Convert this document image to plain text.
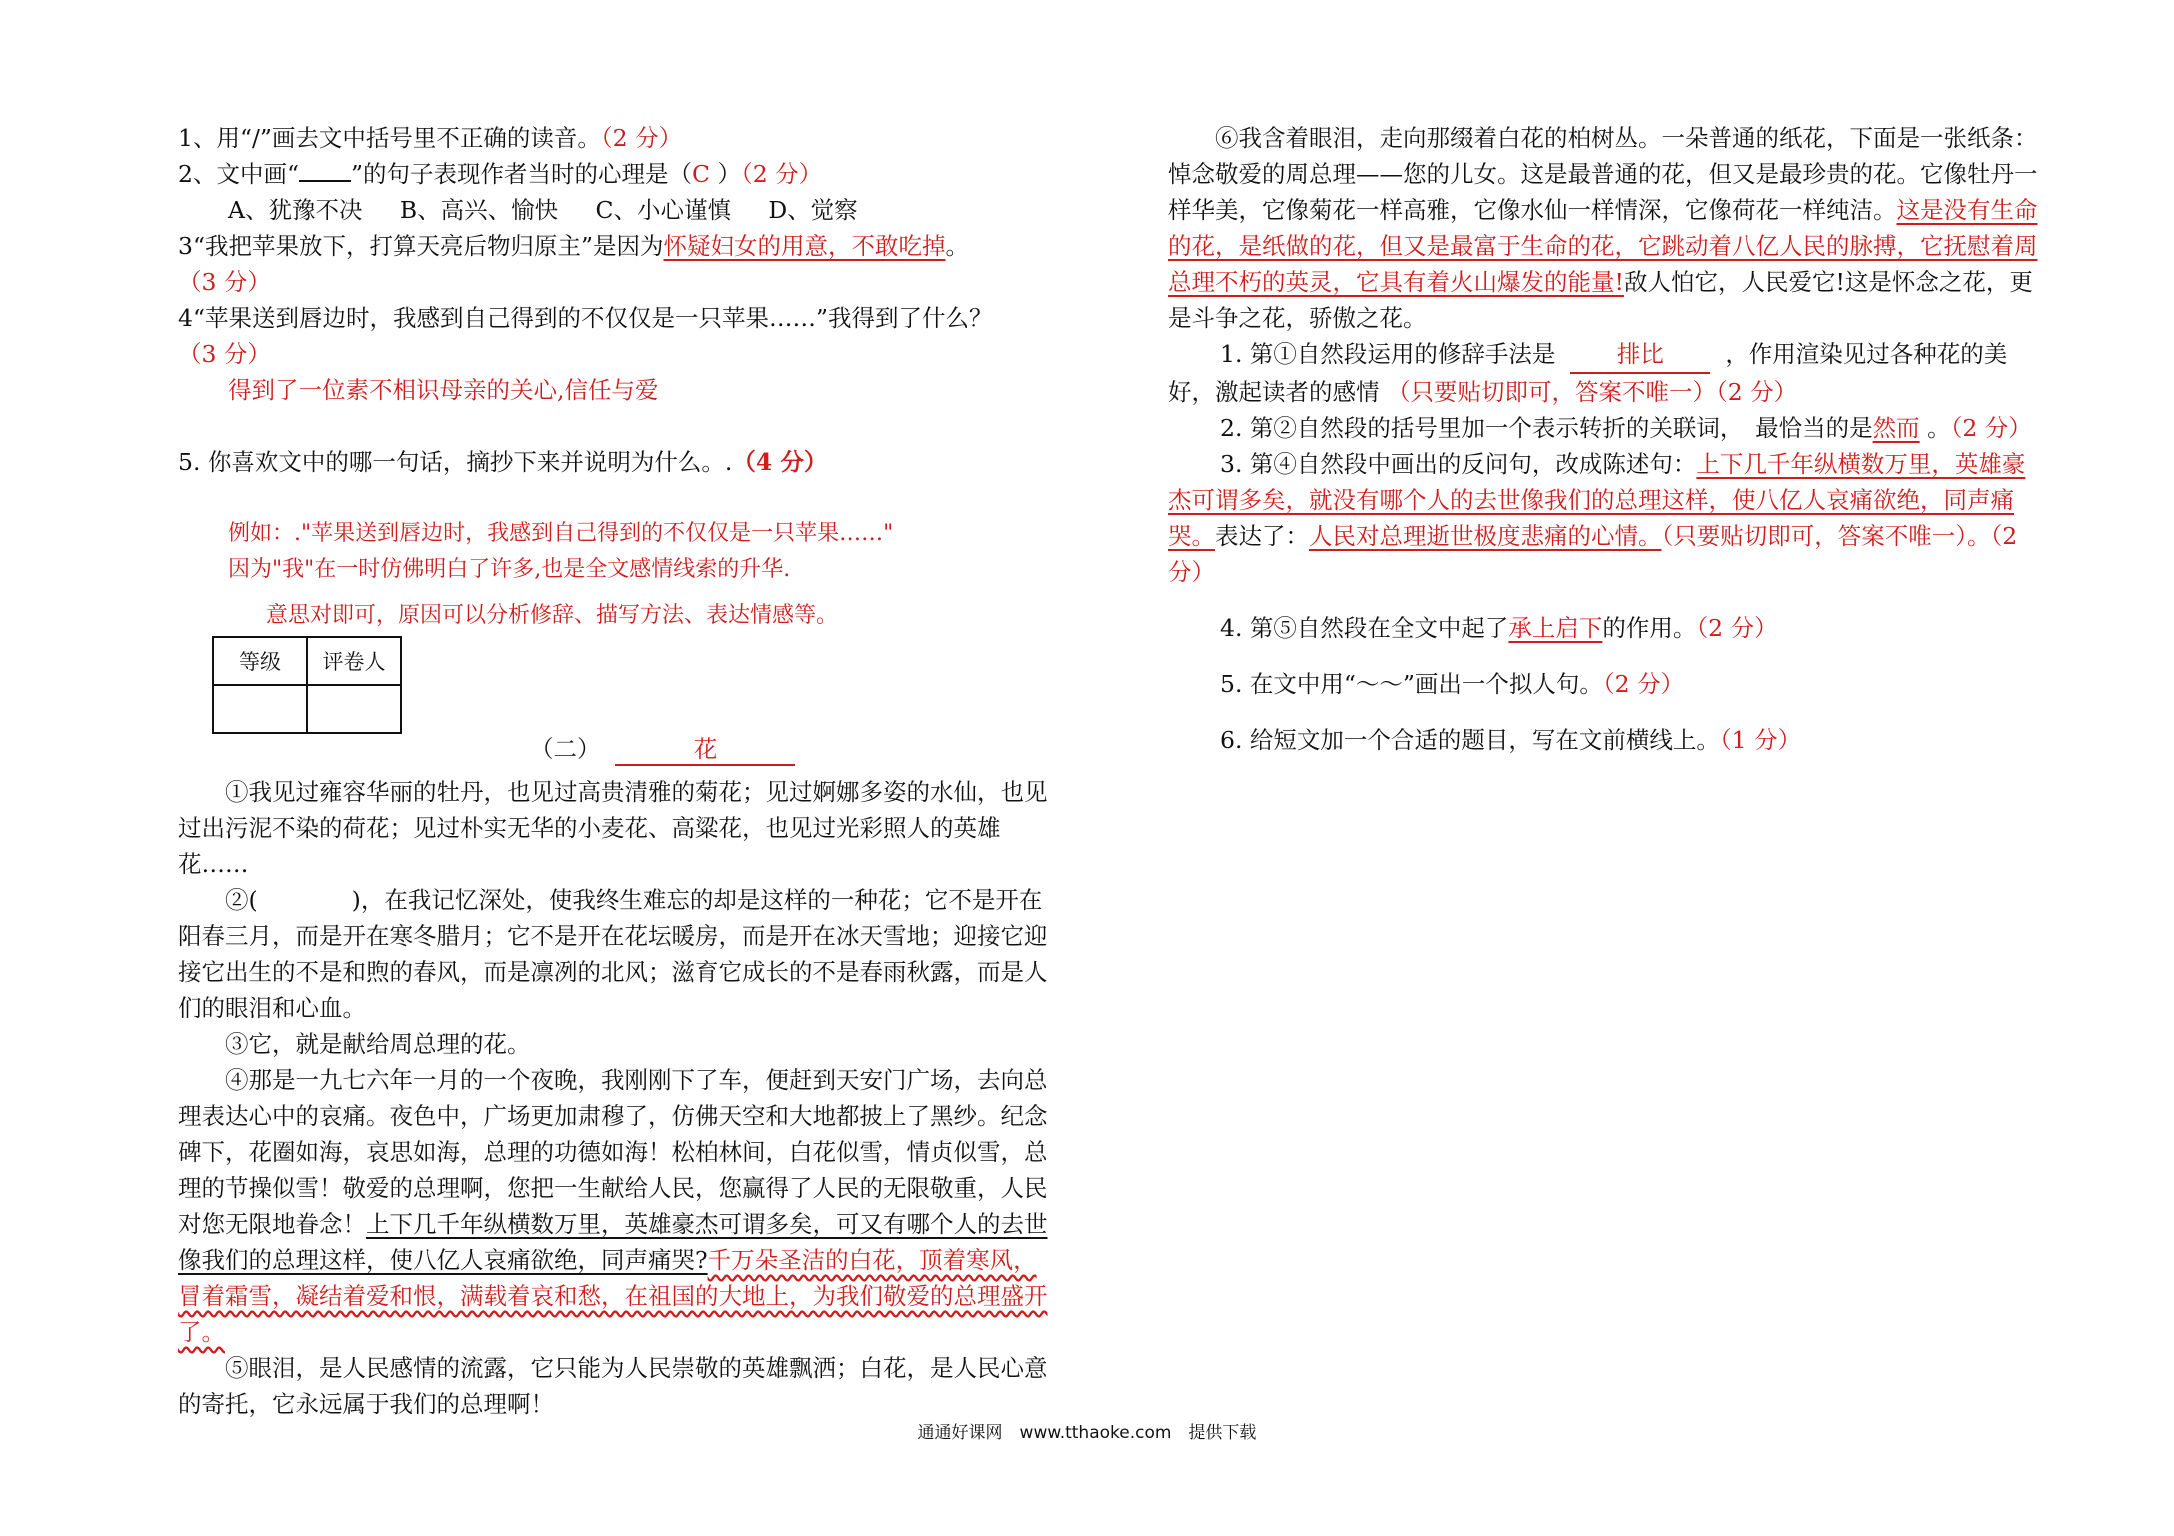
1、用“/”画去文中括号里不正确的读音。（2 分）

2、文中画“ ”的句子表现作者当时的心理是（C ）（2 分）

A、犹豫不决 B、高兴、愉快 C、小心谨慎 D、觉察

3“我把苹果放下，打算天亮后物归原主”是因为怀疑妇女的用意，不敢吃掉。
（3 分）

4“苹果送到唇边时，我感到自己得到的不仅仅是一只苹果……”我得到了什么？
（3 分）

得到了一位素不相识母亲的关心,信任与爱

5. 你喜欢文中的哪一句话，摘抄下来并说明为什么。.（4 分）

例如：."苹果送到唇边时，我感到自己得到的不仅仅是一只苹果……"

因为"我"在一时仿佛明白了许多,也是全文感情线索的升华.

意思对即可，原因可以分析修辞、描写方法、表达情感等。

等级	评卷人

（二）	花

①我见过雍容华丽的牡丹，也见过高贵清雅的菊花；见过婀娜多姿的水仙，也见过出污泥不染的荷花；见过朴实无华的小麦花、高粱花，也见过光彩照人的英雄花……

②(　　　　)，在我记忆深处，使我终生难忘的却是这样的一种花；它不是开在阳春三月，而是开在寒冬腊月；它不是开在花坛暖房，而是开在冰天雪地；迎接它迎接它出生的不是和煦的春风，而是凛冽的北风；滋育它成长的不是春雨秋露，而是人们的眼泪和心血。

③它，就是献给周总理的花。

④那是一九七六年一月的一个夜晚，我刚刚下了车，便赶到天安门广场，去向总理表达心中的哀痛。夜色中，广场更加肃穆了，仿佛天空和大地都披上了黑纱。纪念碑下，花圈如海，哀思如海，总理的功德如海！松柏林间，白花似雪，情贞似雪，总理的节操似雪！敬爱的总理啊，您把一生献给人民，您赢得了人民的无限敬重，人民对您无限地眷念！上下几千年纵横数万里，英雄豪杰可谓多矣，可又有哪个人的去世像我们的总理这样，使八亿人哀痛欲绝，同声痛哭?千万朵圣洁的白花，顶着寒风，冒着霜雪，凝结着爱和恨，满载着哀和愁，在祖国的大地上，为我们敬爱的总理盛开了。

⑤眼泪，是人民感情的流露，它只能为人民崇敬的英雄飘洒；白花，是人民心意的寄托，它永远属于我们的总理啊！

⑥我含着眼泪，走向那缀着白花的柏树丛。一朵普通的纸花，下面是一张纸条：悼念敬爱的周总理——您的儿女。这是最普通的花，但又是最珍贵的花。它像牡丹一样华美，它像菊花一样高雅，它像水仙一样情深，它像荷花一样纯洁。这是没有生命的花，是纸做的花，但又是最富于生命的花，它跳动着八亿人民的脉搏，它抚慰着周总理不朽的英灵，它具有着火山爆发的能量!敌人怕它，人民爱它!这是怀念之花，更是斗争之花，骄傲之花。

1. 第①自然段运用的修辞手法是	排比	，作用渲染见过各种花的美好，激起读者的感情 （只要贴切即可，答案不唯一）（2 分）

2. 第②自然段的括号里加一个表示转折的关联词，　最恰当的是然而 。（2 分）

3. 第④自然段中画出的反问句，改成陈述句：上下几千年纵横数万里，英雄豪杰可谓多矣，就没有哪个人的去世像我们的总理这样，使八亿人哀痛欲绝，同声痛哭。表达了：人民对总理逝世极度悲痛的心情。（只要贴切即可，答案不唯一）。（2 分）

4. 第⑤自然段在全文中起了承上启下的作用。（2 分）

5. 在文中用“～～”画出一个拟人句。（2 分）

6. 给短文加一个合适的题目，写在文前横线上。（1 分）

通通好课网　www.tthaoke.com　提供下载
